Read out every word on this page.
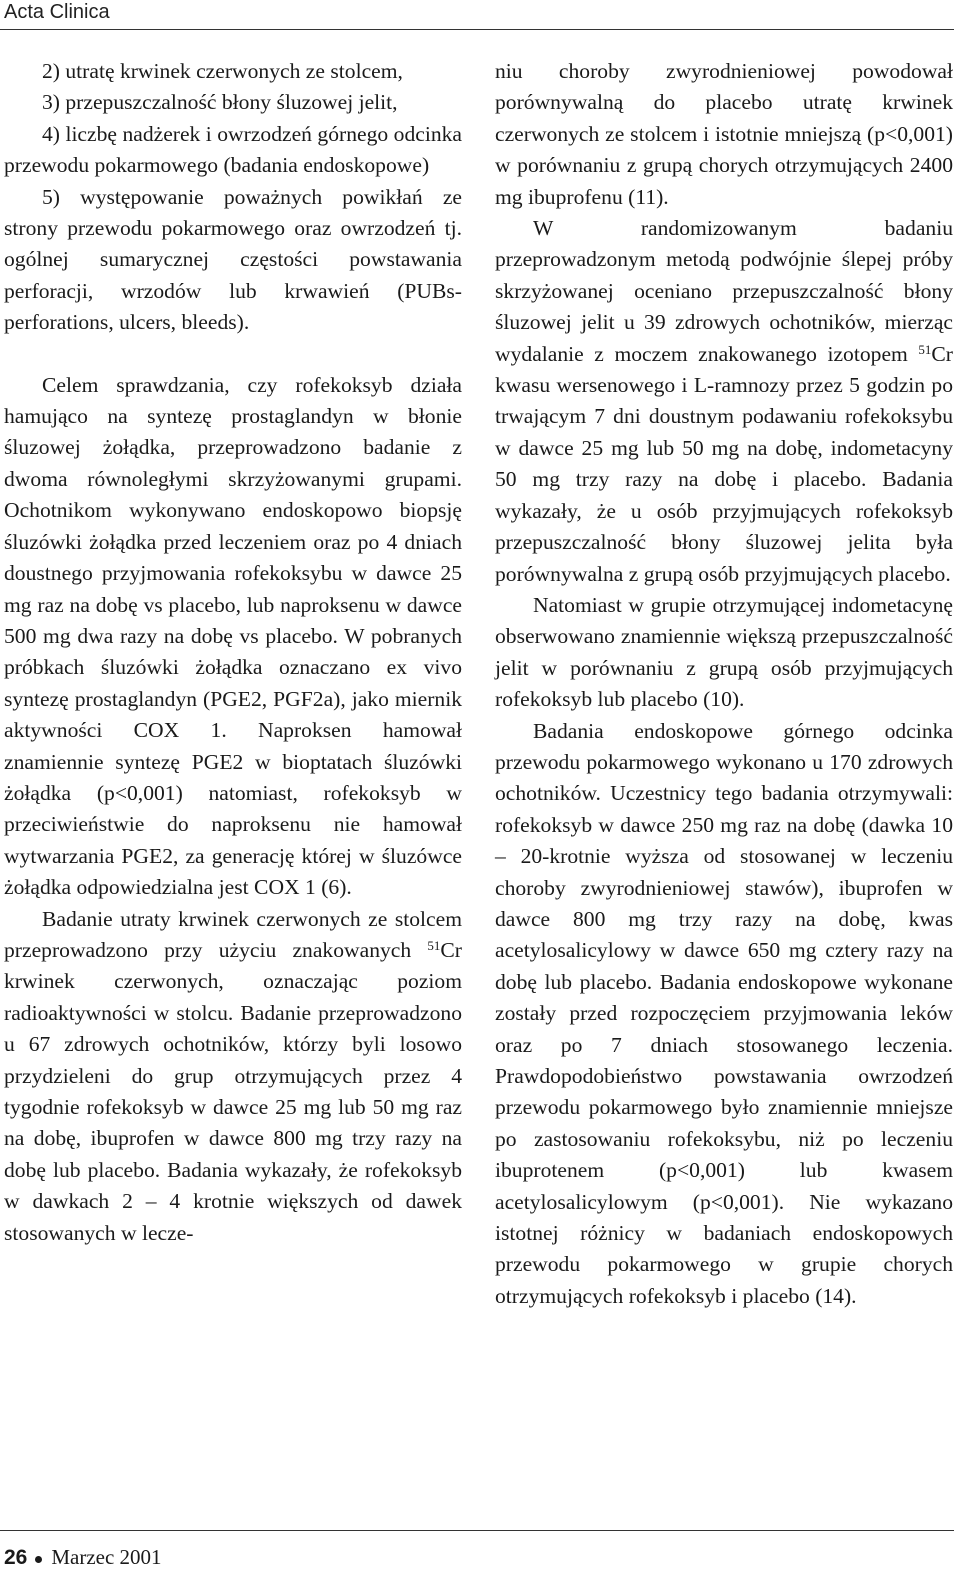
Acta Clinica

2) utratę krwinek czerwonych ze stolcem,

3) przepuszczalność błony śluzowej jelit,

4) liczbę nadżerek i owrzodzeń górnego odcinka przewodu pokarmowego (badania endoskopowe)

5) występowanie poważnych powikłań ze strony przewodu pokarmowego oraz owrzodzeń tj. ogólnej sumarycznej częstości powstawania perforacji, wrzodów lub krwawień (PUBs-perforations, ulcers, bleeds).

Celem sprawdzania, czy rofekoksyb działa hamująco na syntezę prostaglandyn w błonie śluzowej żołądka, przeprowadzono badanie z dwoma równoległymi skrzyżowanymi grupami. Ochotnikom wykonywano endoskopowo biopsję śluzówki żołądka przed leczeniem oraz po 4 dniach doustnego przyjmowania rofekoksybu w dawce 25 mg raz na dobę vs placebo, lub naproksenu w dawce 500 mg dwa razy na dobę vs placebo. W pobranych próbkach śluzówki żołądka oznaczano ex vivo syntezę prostaglandyn (PGE2, PGF2a), jako miernik aktywności COX 1. Naproksen hamował znamiennie syntezę PGE2 w bioptatach śluzówki żołądka (p<0,001) natomiast, rofekoksyb w przeciwieństwie do naproksenu nie hamował wytwarzania PGE2, za generację której w śluzówce żołądka odpowiedzialna jest COX 1 (6).

Badanie utraty krwinek czerwonych ze stolcem przeprowadzono przy użyciu znakowanych $^{51}$Cr krwinek czerwonych, oznaczając poziom radioaktywności w stolcu. Badanie przeprowadzono u 67 zdrowych ochotników, którzy byli losowo przydzieleni do grup otrzymujących przez 4 tygodnie rofekoksyb w dawce 25 mg lub 50 mg raz na dobę, ibuprofen w dawce 800 mg trzy razy na dobę lub placebo. Badania wykazały, że rofekoksyb w dawkach 2 – 4 krotnie większych od dawek stosowanych w lecze-

niu choroby zwyrodnieniowej powodował porównywalną do placebo utratę krwinek czerwonych ze stolcem i istotnie mniejszą (p<0,001) w porównaniu z grupą chorych otrzymujących 2400 mg ibuprofenu (11).

W randomizowanym badaniu przeprowadzonym metodą podwójnie ślepej próby skrzyżowanej oceniano przepuszczalność błony śluzowej jelit u 39 zdrowych ochotników, mierząc wydalanie z moczem znakowanego izotopem $^{51}$Cr kwasu wersenowego i L-ramnozy przez 5 godzin po trwającym 7 dni doustnym podawaniu rofekoksybu w dawce 25 mg lub 50 mg na dobę, indometacyny 50 mg trzy razy na dobę i placebo. Badania wykazały, że u osób przyjmujących rofekoksyb przepuszczalność błony śluzowej jelita była porównywalna z grupą osób przyjmujących placebo.

Natomiast w grupie otrzymującej indometacynę obserwowano znamiennie większą przepuszczalność jelit w porównaniu z grupą osób przyjmujących rofekoksyb lub placebo (10).

Badania endoskopowe górnego odcinka przewodu pokarmowego wykonano u 170 zdrowych ochotników. Uczestnicy tego badania otrzymywali: rofekoksyb w dawce 250 mg raz na dobę (dawka 10 – 20-krotnie wyższa od stosowanej w leczeniu choroby zwyrodnieniowej stawów), ibuprofen w dawce 800 mg trzy razy na dobę, kwas acetylosalicylowy w dawce 650 mg cztery razy na dobę lub placebo. Badania endoskopowe wykonane zostały przed rozpoczęciem przyjmowania leków oraz po 7 dniach stosowanego leczenia. Prawdopodobieństwo powstawania owrzodzeń przewodu pokarmowego było znamiennie mniejsze po zastosowaniu rofekoksybu, niż po leczeniu ibuprotenem (p<0,001) lub kwasem acetylosalicylowym (p<0,001). Nie wykazano istotnej różnicy w badaniach endoskopowych przewodu pokarmowego w grupie chorych otrzymujących rofekoksyb i placebo (14).

26 Marzec 2001
